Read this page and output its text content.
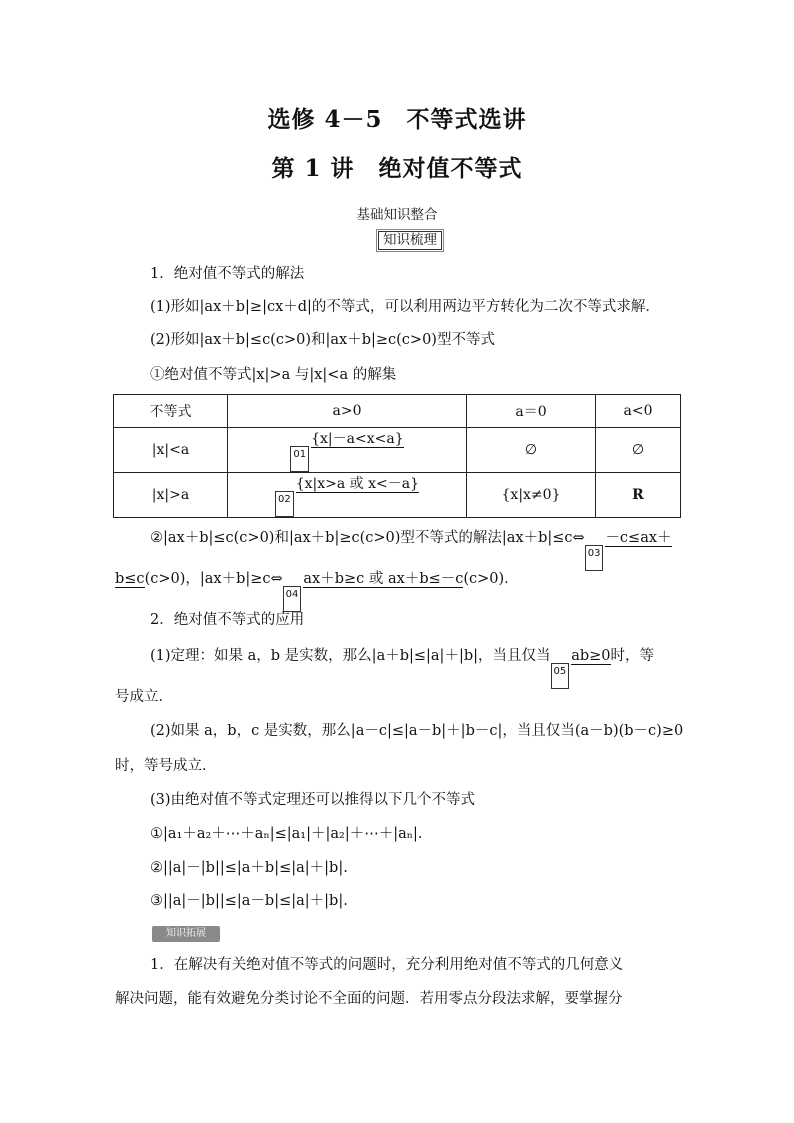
选修 4－5　不等式选讲
第 1 讲　绝对值不等式
基础知识整合
知识梳理
1．绝对值不等式的解法
(1)形如|ax＋b|≥|cx＋d|的不等式，可以利用两边平方转化为二次不等式求解．
(2)形如|ax＋b|≤c(c>0)和|ax＋b|≥c(c>0)型不等式
①绝对值不等式|x|>a 与|x|<a 的解集
不等式	a>0	a＝0	a<0
|x|<a	01{x|－a<x<a}	∅	∅
|x|>a	02{x|x>a 或 x<－a}	{x|x≠0}	R
②|ax＋b|≤c(c>0)和|ax＋b|≥c(c>0)型不等式的解法|ax＋b|≤c⇔03－c≤ax＋
b≤c(c>0)，|ax＋b|≥c⇔04ax＋b≥c 或 ax＋b≤－c(c>0)．
2．绝对值不等式的应用
(1)定理：如果 a，b 是实数，那么|a＋b|≤|a|＋|b|，当且仅当05ab≥0时，等
号成立．
(2)如果 a，b，c 是实数，那么|a－c|≤|a－b|＋|b－c|，当且仅当(a－b)(b－c)≥0
时，等号成立．
(3)由绝对值不等式定理还可以推得以下几个不等式
①|a₁＋a₂＋⋯＋aₙ|≤|a₁|＋|a₂|＋⋯＋|aₙ|.
②||a|－|b||≤|a＋b|≤|a|＋|b|.
③||a|－|b||≤|a－b|≤|a|＋|b|.
知识拓展
1．在解决有关绝对值不等式的问题时，充分利用绝对值不等式的几何意义
解决问题，能有效避免分类讨论不全面的问题．若用零点分段法求解，要掌握分
